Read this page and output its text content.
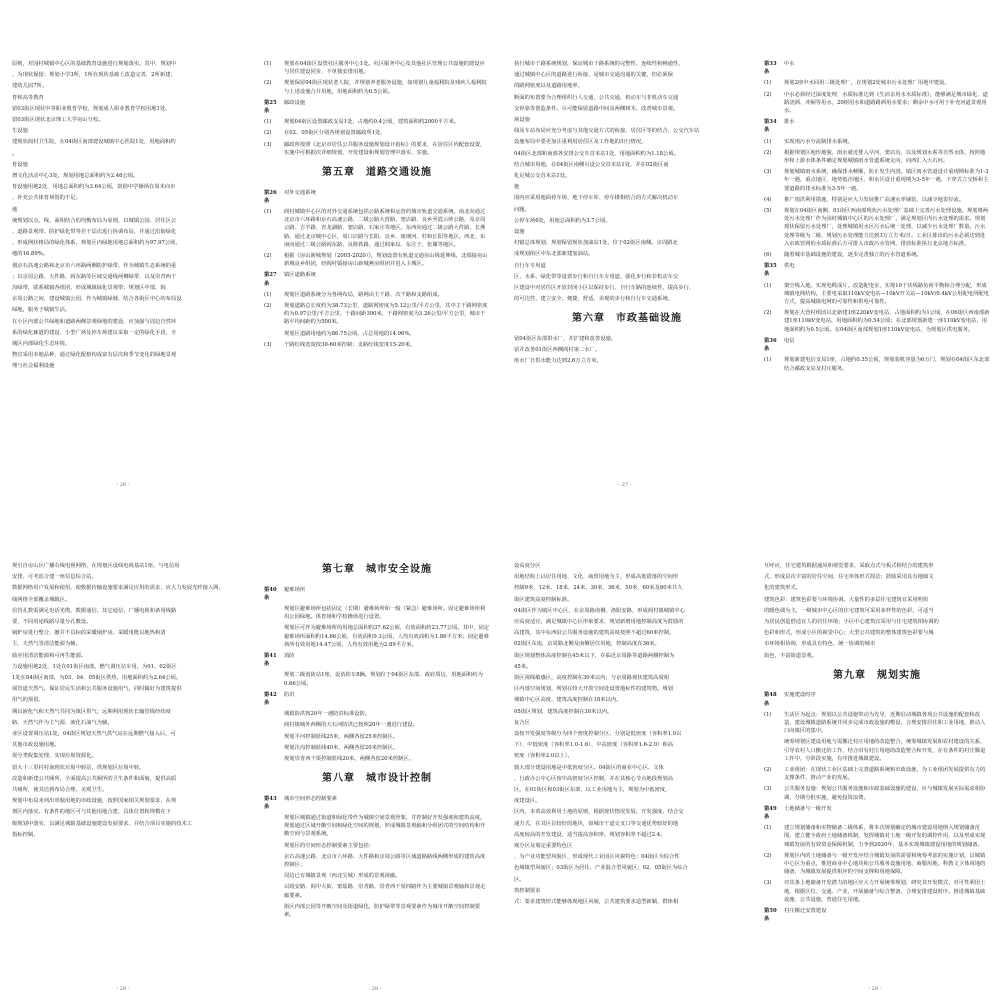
原则，对园村城镇中心区的基础教育设施进行规划落实。其中，规划中

，为现状保留；规划小学3所，1所在现状基础上改造完善，2所新建；

建幼儿园7所。

育和高等教育

留03街区现状中等职业教育学校，规划成人职业教育学校用地1处。

留03街区现状北京理工大学房山分校。

生设施

建现状阎村卫生院，在04街区南部建设城镇中心医院1处，用地面积约

。

育设施

增文化活动中心3处，规划用地总面积约为2.46公顷。

育设施用地2处，用地总面积约为3.64公顷，鼓励中学操场在周末向市

，补充公共体育场馆的不足。

地

统规划以点、线、面相结合的均衡布局为原则，以城镇公园、居住区公

、道路景观带、防护绿化带等若干层次进行协调布局，并通过沿街绿化

，形成网状格局的绿化体系。规划区内绿地用地总面积约为97.97公顷，

地的16.89%。

划京石高速公路和北京市六环路两侧防护绿带，作为城镇生态系统的重

；以京周公路、大件路、阎东路等区域交通线两侧绿带，以及崇青西干

沟绿带，联系城镇各组团，形成城镇绿化景观带；规划区中部、阎

京周公路之间，建设城镇公园，作为城镇绿肺，结合各街区中心的布局设

绿地，服务于城镇生活。

在小区内部公共绿地和道路两侧景观绿地的建设，应加强与周边自然环

系的绿化廊道的建设，小型广场及停车场建议采取一定的绿化手段，全

城区内部绿化生态环境。

物宜采用本地品种，通过绿化配植构成富有层次和季节变化的绿地景观

理与社会福利设施

- 26 -
(1)	规划在04街区设置社区服务中心1处。社区服务中心及其他社区管理公共设施的建设应与居住建设同步，不单独安排用地。
(2)	规划保留04街区现状老人院，并规划养老服务设施，如规划儿童福利院及残疾人福利院与上述设施合并用地，用地面积约为0.5公顷。
第25条
邮政设施
(1)	规划04街区设置邮政支局1处，占地约0.4公顷，建筑面积约2000平方米。
(2)	在02、05街区分别各规划设置邮政所1处。
(3)	邮政所按照《北京市居住公共服务设施规划设计指标》的要求，在居住区内配套设置，实施中可根据次详细规划，开发建设和规划管理中落实、实施。
第五章　道路交通设施
第26条
对外交通系统
(1)	阎村城镇中心区的对外交通系统包括公路系统和运营的城市轨道交通系统。南北向通过北京市六环路和京石高速公路，二级公路大营路、窦店路、良乡至霞云岭公路，及京周公路、吉羊路、青龙湖路、窦店路、石家庄等地区。东西向通过二级公路大件路、长燕路，通过北京城中心区，周口店路与长阳、良乡、琉璃河、村和长阳等地区。西北、东南向通过二级公路阎东路、良陈铁路，通过阎家坟、东庄子、张谢等地区。
(2)	根据《房山新城规划（2005-2020）》，规划设置有轨道交通房山线延伸线，北端接房山新城良乡组团，经阎村镇接房山新城燕房组团并进入主城区。
第27条
镇区道路系统
(1)	规划区道路系统分为各网布局，路网由主干路、次干路和支路组成。
(2)	规划道路总长度约为38.73公里，道路网密度为5.12公里/平方公里，其中主干路网密度约为0.97公里/平方公里，干路间距390米，干路网密度为3.26公里/平方公里，城市干路平均间距约为500米。
规划区道路用地约为86.75公顷，占总用地的14.96%。
(3)	干路红线宽度按30-60米控制；支路红线宽度15-20米。

执行城市干路系统规划，保证城市干路系统的完整性，连续性和畅通性，

通过城镇中心区的道路进行衔接，是城市交通沟通的关键，但必须保

的路网密度以及道路用地率。

断面的布置要为合理组织行人交通，公共交通，机动车与非机动车交通

交停靠等创造条件。尽可能保留道路中间及两侧树木，改善城市景观。

场设施

线及车站布局应充分考虑与其他交通方式的衔接，居住区等的结合，公交汽车站

设施布局中要更加注重利用居住区及工作地的出行情况。

04街区北部和南部各安排公交车首末站1处，用地面积约为1.18公顷。

结合城市用地，在04街区南侧另设公交首末站1处，并在02街区南

化足城公交首末站1处。

施

围内应采用地面停车场、地下停车库、停车楼相结合的方式解决机动车

问题。

公停车场6处，用地总面积约为3.7公顷。

设施

村镇总体规划，规划保留现状加油站1处，位于02街区南侧。京周路北

成规划街区中东北部新建加油站。

自行车专用道

区、水系、绿化带等设置步行和自行车专用道，强化步行和非机动车交

区建设中对居住区开放封闭小区以保持步行、自行车路的连续性，提高步行、

的可达性，建立安全、便捷、舒适、美观的步行和自行车交通系统。

第六章　市政基础设施

留04街区东部供水厂，并扩建和改善设施。

留并改善01街区西侧阎村第二水厂。

座水厂日供水能力达到2.6万立方米。

- 27 -
第33条
中水
(1)	规划2座中水回用三级处理厂，在规划2处城市污水处理厂用地中建设。
(2)	中水必须经过深度处理，水质标准达到《生活杂用水水质标准》，能够满足城市绿化、道路浇洒、冲厕等用水，20树用水和道路路洒用水要求；剩余中水可用于补充河道景观用水。
第34条
排水
(1)	实现雨污水分流制排水系统。
(2)	根据规划区地形地貌，雨水就近排入早河、窦店沟，以及规划水系等自然水体，按照地形和上游水体条件确定规划城镇雨水管道系统走向，向西汇入大石河。
(3)	规划城镇雨水系统，确保排水畅顺，防止发生内涝。镇区雨水管道设计重现期标准为1-3年一遇，重点地区、地势低洼地区、积水区设计重现期为3-5年一遇，下穿式立交桥和主要道路的排水标准为3-5年一遇。
(4)	推广雨洪利用措施，特别是应大力发展推广高速水率铺装，以减少地表径流。
(5)	规划在04街区南侧、01街区西南部现状污水处理厂基础上完善污水处理设施。规划将两处污水处理厂作为园村城镇中心区的污水处理厂，满足规划区内污水处理的需求。规划现状保留污水处理厂，处理城镇用水区污水后统一处理，以减少污水处理厂数量。污水处理等级为二级，规划污水处理能力达到3万立方米/日。工业区排出的污水必须达到进入市政管网的水质标准后方可排入市政污水管网，排放标准执行北京地方标准。
(6)	随着城市基础设施的建设，逐步完善独立的污水管道系统。
第35条
供电
(1)	架空线入地，实现电缆成片。改造配电室，实现10千伏线路负荷平衡和合理分配，形成城镇电网结构。主要电采取110kV变电站—10kV开关站—10kV/0.4kV公用配电所配电方式，提高城镇电网的可靠性和供电可靠性。
(2)	规划在大营村组团以北新建1座220kV变电站，占地面积约为1公顷，在06街区西南部新建1座110kV变电站，用地面积约为0.54公顷；在北部规划新建一座110kV变电站，用地面积约为0.5公顷。在04街区南部规划1座110kV变电站，为规划区供电服务。
第36条
电信
(1)	规划新建电信支局1座，占地约0.35公顷，规划装机容量为6万门，规划在04街区东北部结合邮政支局及村庄服务。

规引自房山区广播有线电视网络，在规划区设线电视基站1座，与电信用

安排，可考虑合建一座信息综合站。

数据网络用户发展和使用，使数据传输设施要求满足应用的需求，应大力发展光纤接入网，

线网络全部覆盖城镇区。

信管孔数需满足电话光缆、数据通信、其它通信、广播电视和备用线路

要，不同用途线路尽量分孔敷设。

锅炉房进行整合，撤并不具标的采暖锅炉房。采暖用能以地热和清

主，天然气等清洁能源为辅。

励应用清洁能源和可再生能源。

力设施用地2处，1处在01街区南部，燃气调压站车用，为01、02街区

1处在04街区南部，为03、04、05街区供热，用地面积约为2.64公顷。

展管道天然气，保证居民生活和公共服务设施用气，同时做好为建筑提供

用气的预留。

期以液化气和天然气共同为镇区供气；远期利用现状长输管线经纬度

路，天然气作为主气源，液化石油气为辅。

业区设置调压站1处，04街区规划天然气供气站在远期燃气接入后，可

其他市政设施用地。

圾分类收集处理，实现垃圾资源化。

留大十三里村村南现状垃圾中转站，供规划区垃圾中转。

改造和新建公共厕所，全面提高公共厕所的卫生条件和面貌，提供高质

共厕所，使其达到布局合理、美观卫生。

规划中布局未列出单独用地的市政设施，按照国家相关规划要求，在规

划区内落实。有条件的地区可与其他用地合建，具体位置和规模在下

级规划中落实，以满足城镇基础设施建设发展要求，并结合项目实施的技术工

指标控制。

- 28 -
第七章　城市安全设施
第40条
避难场所
规划区避难场所包括固定（长期）避难场所和一般（紧急）避难场所。固定避难场所利用公园绿地、体育场和学校操场进行设置。
规划区可作为避难场所的用地总面积约37.62公顷，有效面积约23.77公顷。其中，固定避难场所面积约14.66公顷，有效面积9.3公顷，人均有效面积为1.86平方米；固定避难场所有效用地14.47公顷，人均有效用地为2.89平方米。
第41条
消防
规划二级消防站1座，设消防车8辆。规划位于04街区东部，政府周边，用地面积约为0.66公顷。
第42条
防洪
城镇防洪按20年一遇防洪标准设防。
阎村镇城外西侧的大石河防洪已按照20年一遇进行建设。
规划平河控制蓝线25米，两侧各留25米控制区。
规划洼沟控制蓝线40米，两侧各留20米控制区。
规划崇青西干渠控制蓝线20米，两侧各留20米控制区。
第八章　城市设计控制
第43条
城市空间形态控制要素
规划区城镇通过街道和绿化带作为城镇空间景观骨架，并控制好开发强度和建筑高度。规划通过区域开敞空间和绿化空间的规划，形成城镇景观轴和分组团式的空间结构和开敞空间与景观系统。
规划区的空间形态控制要素主要包括：
京石高速公路、北京市六环路、大件路和京周公路等区域道路路线两侧形成的建筑高度控制区；
周边已有城镇景观（西北宝城）形成的景观视廊。
以阎安路、阎中大街、窦瑶路、崇青路、崇青西干渠四路作为主要城镇景观轴和景观走廊要素。
街区内部公园等开敞空间及街道绿化，防护绿带等景观要素作为城市开敞空间控制要素。
- 28 -

设高度分区

用地结构上以居住用地、文化、商贸用地为主，形成高低错落的空间形

控制9米、12米、18米、24米、30米、36米、50米、60米及80米共九

街区建筑高度控制标准。

04街区作为镇区中心区，在京周路南侧、洛阳安路，形成阎村镇城镇中心

应高度适宜，满足城镇中心区形象要求，规划新增用地控制高度为鼓励的

高建筑，其中东西沿公共服务设施的建筑高度按照不超过60米控制。

02街区东南，京周路北侧及南侧居住用地，控制高度在36米。

街区规划整体高度控制在45米以下，在临近京周路等道路两侧控制为

45米。

街区视线敏感区，高度控制在30米以内；与京周路现状建筑高度相

区内部空间规划，规划在较大开放空间处设置地标性的建筑物。规划

城镇中心区高度，建筑高度控制在18米以内。

05街区规划，建筑高度控制在30米以内。

复合区

设按开发强度等级分为四个密度控制分区，分别是低密度（容积率1.0以

下）、中低密度（容积率1.0-1.6）、中高密度（容积率1.6-2.0）和高

密度（容积率2.0以上）。

镇大部分建设用地是中低密度分区。04街区的商业中心区、文体

、行政办公中心区按中高密度分区控制，并在其核心节点地段规划高

区。在01街区和03街区东部，以工业用地为主，规划为中低密度，

度建设区。

区内，本着高效利用土地的原则，根据现状情况发展，开发强度，结合交

通方式，在其区位较好的地块，如城市干道交叉口等交通优势较好的地

高度较高的开发建设，适当提高容积率，规划容积率不超过2.4。

观分区及划定重要特色区

、为产业功能型风貌区、形成现代工业园区风貌特色；04街区为综合性

色城镇型风貌区；03街区为居住、产业混合型风貌区；02、05街区为综合

区。

筑控制要求

式：要求建筑形式能够体现地区风貌，公共建筑要求造型新颖，群体相

互呼应，住宅建筑根据通风和视觉要求，采取点式与板式相结合的建筑形

式，形成层次丰富的居住空间，住宅单体形式简洁；鼓励采用具有地域文

化的建筑形式。

建筑色彩：建筑色彩要与环境协调。大量性的多层住宅建筑宜采用明快

的暖色调为主，一级城市中心区的住宅建筑可采用多样性的色彩，可适当

为居民创造舒适宜人的居住环境；小区中心建筑宜采用与住宅建筑相协调的

色彩和形式，形成小区的视觉中心；大型公共建筑的整体建筑色彩要与城

市环境相协调，形成具有特色、统一协调的城市

街色，丰富街道景观。

第九章　规划实施
第48条
实施建设时序
(1)	生活区为起点：规划以公共设施带动为先导，近期启动城镇各项公共设施的配套和改造，建设城镇道路系统并同步完成市政设施的敷设，合理安排居住和工业用地，推动人口向镇区的集中。
统筹规划区建设用地与需搬迁村庄用地的改造整合，统筹城镇发展和农村建设的关系，引导农村人口搬迁的工作，结合旧有村庄用地的改造整合和开发，在有条件的村庄腾退工作中，分阶段实施，有序推进城镇建设。
(2)	工业组团：在现状工业区基础上完善道路系统和市政设施，为工业组团发展提供有力的支撑条件，推动产业的发展。
(3)	公共服务设施：规划公共服务设施和市政基础设施的建设，应与城镇发展实际需求相协调，分期分批实施，避免投资浪费。
第49条
土地储备与一级开发
(1)	建立规划储备和实物储备二级体系，将本次规划确定的城市建设用地纳入规划储备范围，建立健全政府土地储备机制，发挥城镇对土地一级开发的调控作用，以及形成实现城镇发展的有效资金保障机制，力争到2020年，基本实现城镇建设用地的规划储备。
(2)	规划区内的土地储备与一级开发应结合城镇发展的需要和统筹考虑的实施计划，以城镇中心区为重点，推进商业中心地块和公共服务设施用地、商服用地、科教文卫体用地的储备，为城镇发展提供相应的空间支撑和用地保障。
(3)	对其条上地储备开发潜力的地区应大力开展统筹规划，研究其开发模式，对可性利用土地，根据区位、交通、产业，开展储备与综合整备，合理安排建设时序。推进城镇基础设施、公共设施，普通住宅用地。
第50条
村庄搬迁安置建设
- 29 -
